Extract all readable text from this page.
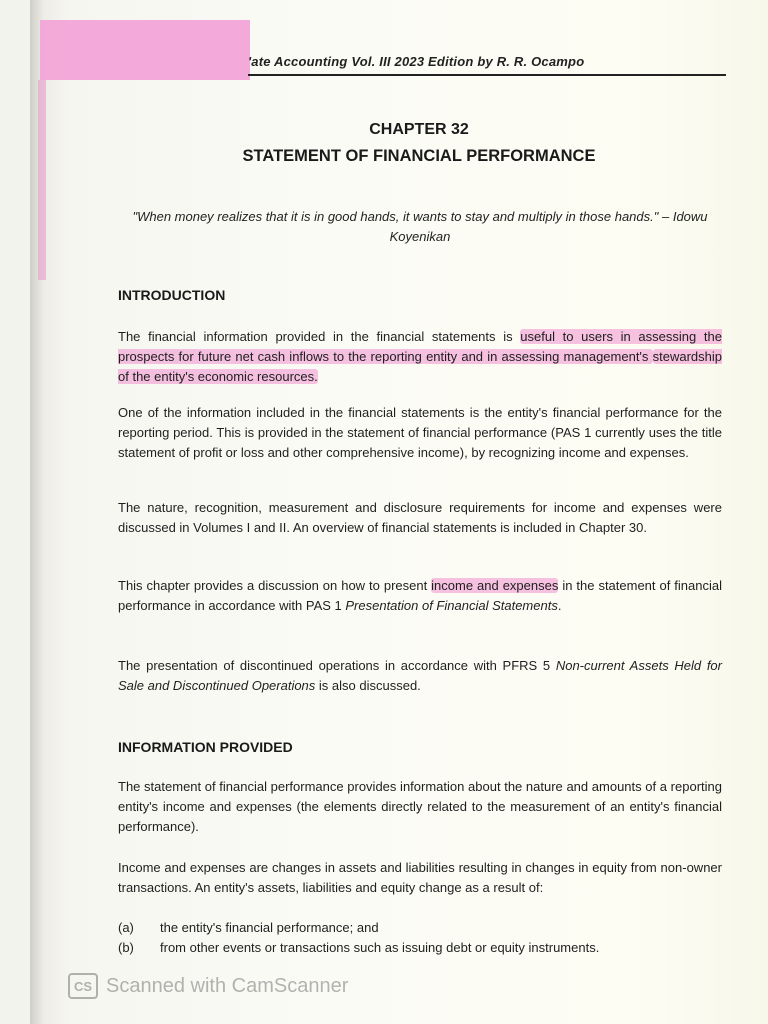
'ate Accounting Vol. III 2023 Edition by R. R. Ocampo
CHAPTER 32
STATEMENT OF FINANCIAL PERFORMANCE
"When money realizes that it is in good hands, it wants to stay and multiply in those hands." – Idowu Koyenikan
INTRODUCTION
The financial information provided in the financial statements is useful to users in assessing the prospects for future net cash inflows to the reporting entity and in assessing management's stewardship of the entity's economic resources.
One of the information included in the financial statements is the entity's financial performance for the reporting period. This is provided in the statement of financial performance (PAS 1 currently uses the title statement of profit or loss and other comprehensive income), by recognizing income and expenses.
The nature, recognition, measurement and disclosure requirements for income and expenses were discussed in Volumes I and II. An overview of financial statements is included in Chapter 30.
This chapter provides a discussion on how to present income and expenses in the statement of financial performance in accordance with PAS 1 Presentation of Financial Statements.
The presentation of discontinued operations in accordance with PFRS 5 Non-current Assets Held for Sale and Discontinued Operations is also discussed.
INFORMATION PROVIDED
The statement of financial performance provides information about the nature and amounts of a reporting entity's income and expenses (the elements directly related to the measurement of an entity's financial performance).
Income and expenses are changes in assets and liabilities resulting in changes in equity from non-owner transactions. An entity's assets, liabilities and equity change as a result of:
(a)	the entity's financial performance; and
(b)	from other events or transactions such as issuing debt or equity instruments.
CS Scanned with CamScanner
